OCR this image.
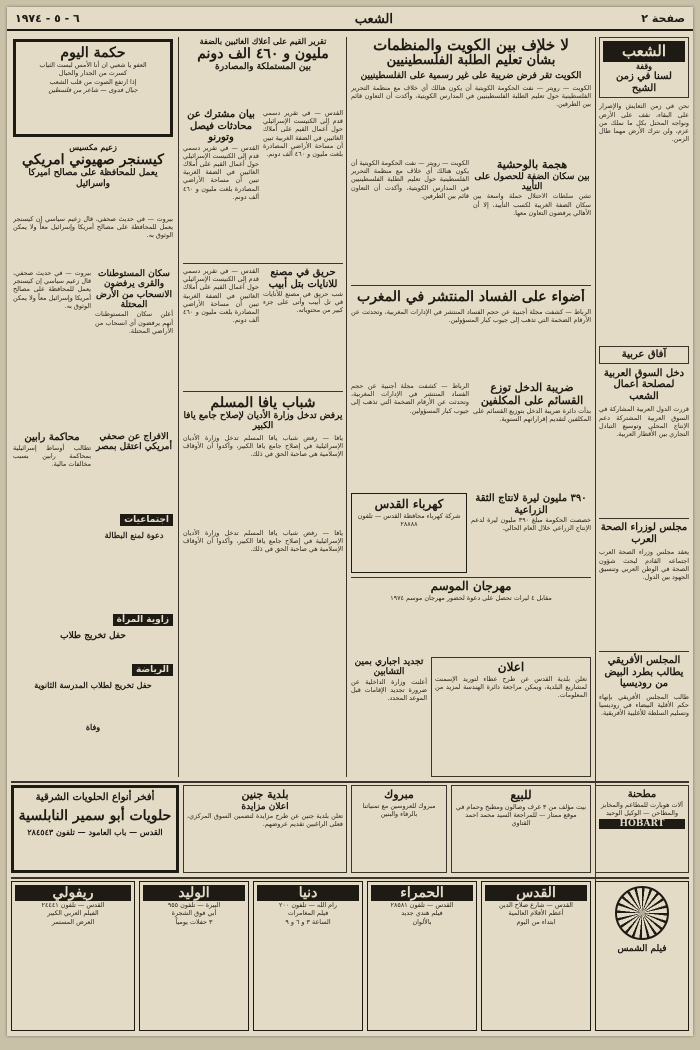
صفحة ٢
الشعب
٦ - ٥ - ١٩٧٤
الشعب
وقفة
لسنا في زمن الشبح
نحن في زمن التعايش والإصرار على البقاء، نقف على الأرض ونواجه المحتل بكل ما نملك من عزم، ولن نترك الأرض مهما طال الزمن.
آفاق عربية
دخل السوق العربية لمصلحة أعمال الشعب
قررت الدول العربية المشاركة في السوق العربية المشتركة دعم الإنتاج المحلي وتوسيع التبادل التجاري بين الأقطار العربية.
مجلس لوزراء الصحة العرب
يعقد مجلس وزراء الصحة العرب اجتماعه القادم لبحث شؤون الصحة في الوطن العربي وتنسيق الجهود بين الدول.
المجلس الأفريقي يطالب بطرد البيض من روديسيا
طالب المجلس الأفريقي بإنهاء حكم الأقلية البيضاء في روديسيا وتسليم السلطة للأغلبية الأفريقية.
لا خلاف بين الكويت والمنظمات
بشأن تعليم الطلبة الفلسطينيين
الكويت تقر فرض ضريبة على غير رسمية على الفلسطينيين
الكويت — رويتر — نفت الحكومة الكويتية أن يكون هنالك أي خلاف مع منظمة التحرير الفلسطينية حول تعليم الطلبة الفلسطينيين في المدارس الكويتية، وأكدت أن التعاون قائم بين الطرفين.
هجمة بالوحشية
بين سكان الضفة للحصول على التأييد
تشن سلطات الاحتلال حملة واسعة بين سكان الضفة الغربية لكسب التأييد، إلا أن الأهالي يرفضون التعاون معها.
الكويت — رويتر — نفت الحكومة الكويتية أن يكون هنالك أي خلاف مع منظمة التحرير الفلسطينية حول تعليم الطلبة الفلسطينيين في المدارس الكويتية، وأكدت أن التعاون قائم بين الطرفين.
أضواء على الفساد المنتشر في المغرب
الرباط — كشفت مجلة أجنبية عن حجم الفساد المنتشر في الإدارات المغربية، وتحدثت عن الأرقام الضخمة التي تذهب إلى جيوب كبار المسؤولين.
ضريبة الدخل توزع القسائم على المكلفين
بدأت دائرة ضريبة الدخل بتوزيع القسائم على المكلفين لتقديم إقراراتهم السنوية.
الرباط — كشفت مجلة أجنبية عن حجم الفساد المنتشر في الإدارات المغربية، وتحدثت عن الأرقام الضخمة التي تذهب إلى جيوب كبار المسؤولين.
٣٩٠ مليون ليرة لانتاج الثقة الزراعية
خصصت الحكومة مبلغ ٣٩٠ مليون ليرة لدعم الإنتاج الزراعي خلال العام الحالي.
كهرباء القدس
شركة كهرباء محافظة القدس — تلفون ٢٨٨٨٨
مهرجان الموسم
مقابل ٤ ليرات تحصل على دعوة لحضور مهرجان موسم ١٩٧٤
اعلان
تعلن بلدية القدس عن طرح عطاء لتوريد الإسمنت لمشاريع البلدية، ويمكن مراجعة دائرة الهندسة لمزيد من المعلومات.
تجديد اجباري بمين التشابين
أعلنت وزارة الداخلية عن ضرورة تجديد الإقامات قبل الموعد المحدد.
تقرير القيم على أعلاك الغائبين بالضفة
مليون و ٤٦٠ الف دونم
بين المستملكة والمصادرة
القدس — في تقرير دسمي قدم إلى الكنيست الإسرائيلي حول أعمال القيم على أملاك الغائبين في الضفة الغربية تبين أن مساحة الأراضي المصادرة بلغت مليون و ٤٦٠ ألف دونم.
بيان مشترك عن محادثات فيصل وتورنو
القدس — في تقرير دسمي قدم إلى الكنيست الإسرائيلي حول أعمال القيم على أملاك الغائبين في الضفة الغربية تبين أن مساحة الأراضي المصادرة بلغت مليون و ٤٦٠ ألف دونم.
حريق في مصنع للانايات بتل أبيب
شب حريق في مصنع للأنايات في تل أبيب وأتى على جزء كبير من محتوياته.
القدس — في تقرير دسمي قدم إلى الكنيست الإسرائيلي حول أعمال القيم على أملاك الغائبين في الضفة الغربية تبين أن مساحة الأراضي المصادرة بلغت مليون و ٤٦٠ ألف دونم.
شباب يافا المسلم
يرفض تدخل وزارة الأديان لإصلاح جامع يافا الكبير
يافا — رفض شباب يافا المسلم تدخل وزارة الأديان الإسرائيلية في إصلاح جامع يافا الكبير، وأكدوا أن الأوقاف الإسلامية هي صاحبة الحق في ذلك.
يافا — رفض شباب يافا المسلم تدخل وزارة الأديان الإسرائيلية في إصلاح جامع يافا الكبير، وأكدوا أن الأوقاف الإسلامية هي صاحبة الحق في ذلك.
حكمة اليوم
العفو يا شعبي ان أنا الأمس لبست الثياب
كسرت من الجدار والحبال
إذا ارتفع الصوت من قلب الشعب
جبال فدوى — شاعر من فلسطين
زعيم مكسيس
كيسنجر صهيوني امريكي
يعمل للمحافظة على مصالح اميركا واسرائيل
بيروت — في حديث صحفي، قال زعيم سياسي إن كيسنجر يعمل للمحافظة على مصالح أمريكا وإسرائيل معاً ولا يمكن الوثوق به.
سكان المستوطنات والقرى يرفضون الانسحاب من الأرض المحتلة
أعلن سكان المستوطنات أنهم يرفضون أي انسحاب من الأراضي المحتلة.
بيروت — في حديث صحفي، قال زعيم سياسي إن كيسنجر يعمل للمحافظة على مصالح أمريكا وإسرائيل معاً ولا يمكن الوثوق به.
الافراج عن صحفي أمريكي اعتقل بمصر
محاكمة رابين
تطالب أوساط إسرائيلية بمحاكمة رابين بسبب مخالفات مالية.
اجتماعيات
دعوة لمنع البطالة
زاوية المرأة
حفل تخريج طلاب
الرياضة
حفل تخريج لطلاب المدرسة الثانوية
وفاة
للبيع
بيت مؤلف من ٣ غرف وصالون ومطبخ وحمام في موقع ممتاز — للمراجعة السيد محمد احمد القتاوي
مبروك
مبروك للعروسين مع تمنياتنا بالرفاء والبنين
بلدية جنين
اعلان مزايدة
تعلن بلدية جنين عن طرح مزايدة لتضمين السوق المركزي، فعلى الراغبين تقديم عروضهم.
مطحنة
آلات هوبارت للمطاعم والمخابز والمطاحن — الوكيل الوحيد
HOBART
أفخر أنواع الحلويات الشرقية
حلويات أبو سمير النابلسية
القدس — باب العامود — تلفون ٢٨٤٥٤٣
فيلم الشمس
القدس
القدس — شارع صلاح الدين
أعظم الأفلام العالمية
ابتداء من اليوم
الحمراء
القدس — تلفون ٢٨٥٨١
فيلم هندي جديد
بالألوان
دنيا
رام الله — تلفون ٢٠٠
فيلم المغامرات
الساعة ٣ و ٦ و ٩
الوليد
البيرة — تلفون ٩٥٥
أبي فوق الشجرة
٣ حفلات يومياً
ريفولي
القدس — تلفون ٢٤٤٤١
الفيلم العربي الكبير
العرض المستمر
